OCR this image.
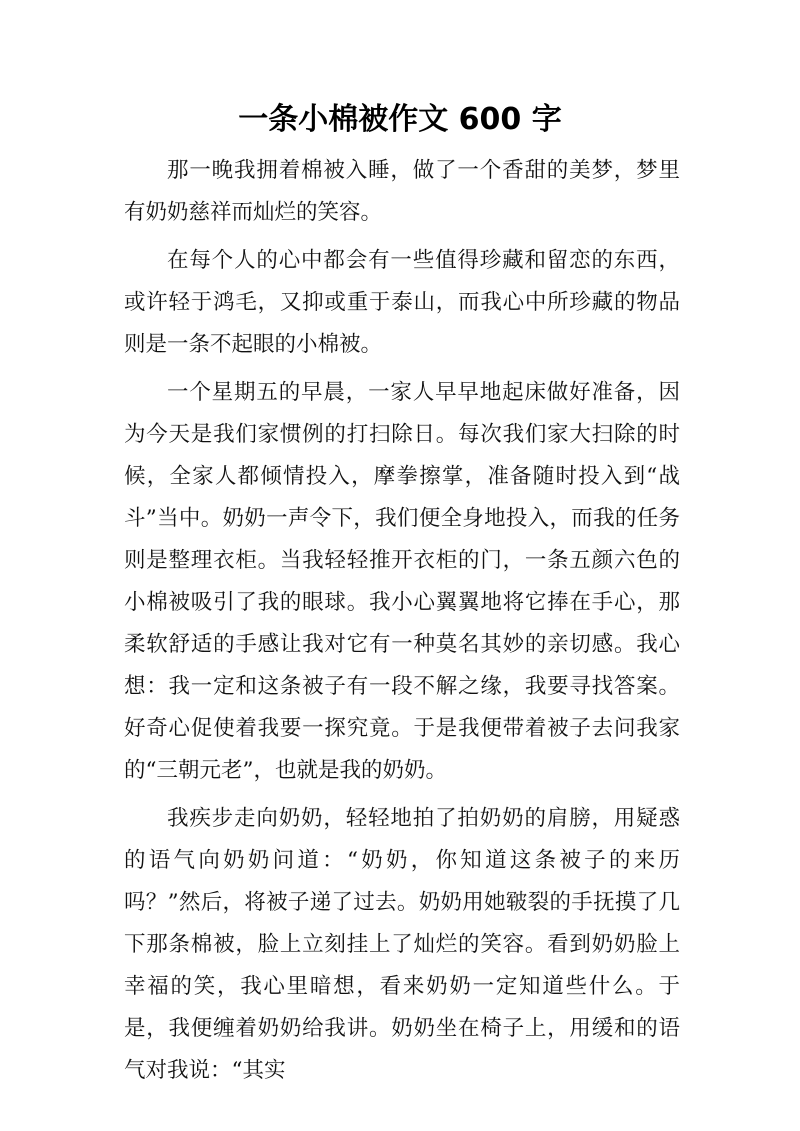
一条小棉被作文 600 字

那一晚我拥着棉被入睡，做了一个香甜的美梦，梦里有奶奶慈祥而灿烂的笑容。

在每个人的心中都会有一些值得珍藏和留恋的东西，或许轻于鸿毛，又抑或重于泰山，而我心中所珍藏的物品则是一条不起眼的小棉被。

一个星期五的早晨，一家人早早地起床做好准备，因为今天是我们家惯例的打扫除日。每次我们家大扫除的时候，全家人都倾情投入，摩拳擦掌，准备随时投入到“战斗”当中。奶奶一声令下，我们便全身地投入，而我的任务则是整理衣柜。当我轻轻推开衣柜的门，一条五颜六色的小棉被吸引了我的眼球。我小心翼翼地将它捧在手心，那柔软舒适的手感让我对它有一种莫名其妙的亲切感。我心想：我一定和这条被子有一段不解之缘，我要寻找答案。好奇心促使着我要一探究竟。于是我便带着被子去问我家的“三朝元老”，也就是我的奶奶。

我疾步走向奶奶，轻轻地拍了拍奶奶的肩膀，用疑惑的语气向奶奶问道：“奶奶，你知道这条被子的来历吗？”然后，将被子递了过去。奶奶用她皲裂的手抚摸了几下那条棉被，脸上立刻挂上了灿烂的笑容。看到奶奶脸上幸福的笑，我心里暗想，看来奶奶一定知道些什么。于是，我便缠着奶奶给我讲。奶奶坐在椅子上，用缓和的语气对我说：“其实
